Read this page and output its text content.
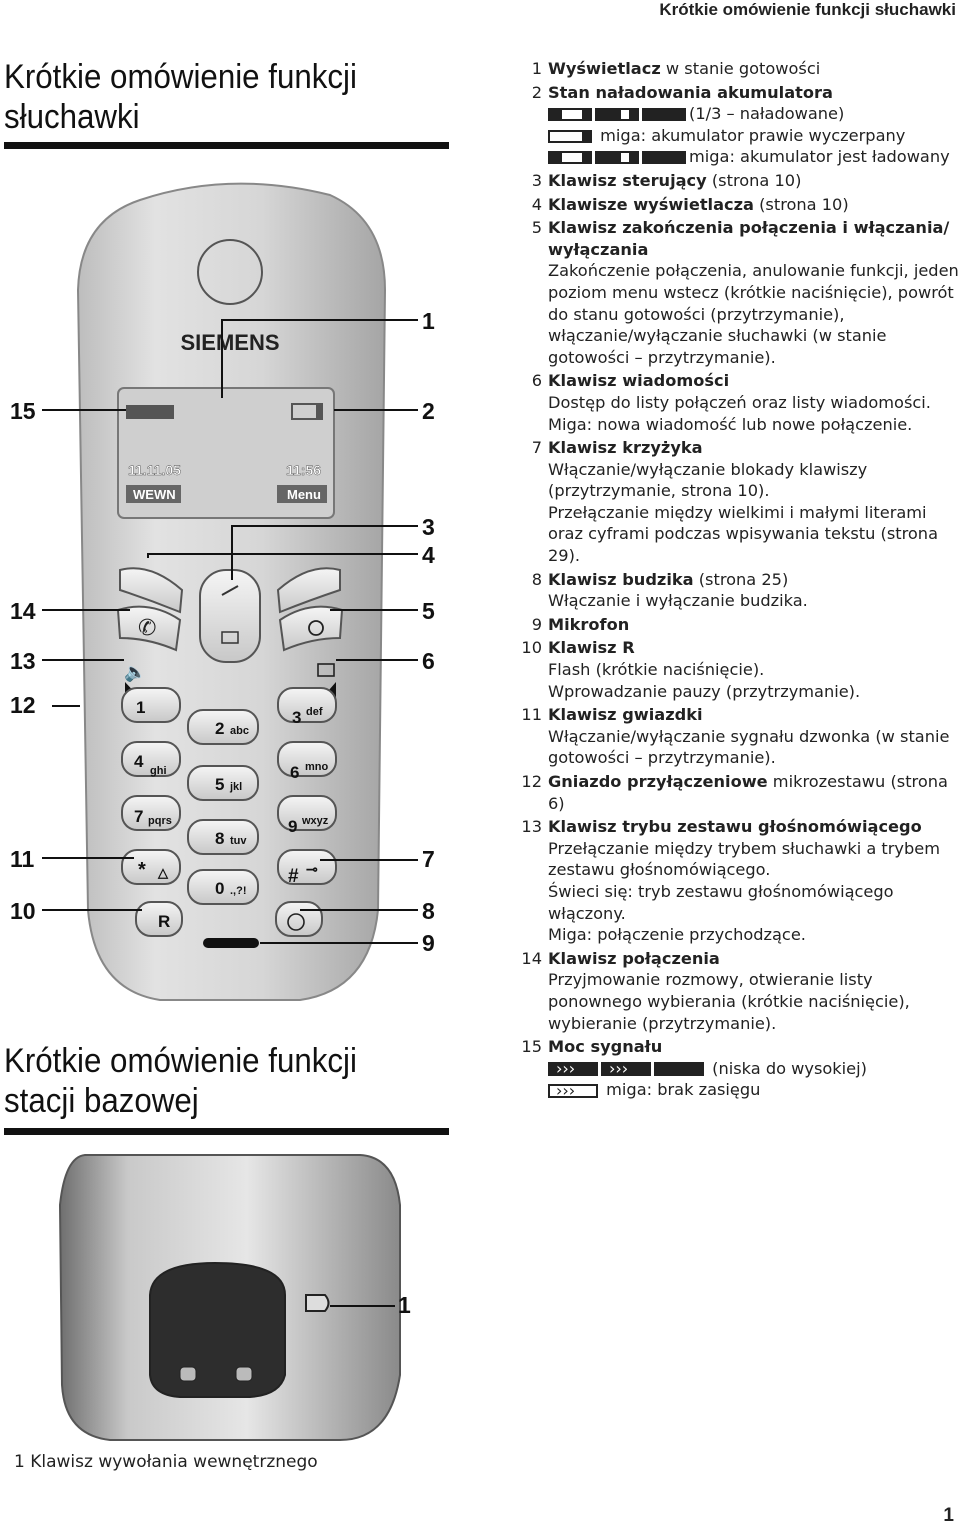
Krótkie omówienie funkcji słuchawki
Krótkie omówienie funkcji
słuchawki
Krótkie omówienie funkcji
stacji bazowej
SIEMENS
11.11.05	11:56
WEWN	Menu
✆
🔈
1
2 abc
3 def
4 ghi
5 jkl
6 mno
7 pqrs
8 tuv
9 wxyz
* △
0 .,?!
# ⊸
R
1
2
3
4
5
6
7
8
9
15
14
13
12
11
10
1 Wyświetlacz w stanie gotowości
2 Stan naładowania akumulatora
(1/3 – naładowane)
miga: akumulator prawie wyczerpany
miga: akumulator jest ładowany
3 Klawisz sterujący (strona 10)
4 Klawisze wyświetlacza (strona 10)
5 Klawisz zakończenia połączenia i włączania/ wyłączania
Zakończenie połączenia, anulowanie funkcji, jeden poziom menu wstecz (krótkie naciśnięcie), powrót do stanu gotowości (przytrzymanie), włączanie/wyłączanie słuchawki (w stanie gotowości – przytrzymanie).
6 Klawisz wiadomości
Dostęp do listy połączeń oraz listy wiadomości.
Miga: nowa wiadomość lub nowe połączenie.
7 Klawisz krzyżyka
Włączanie/wyłączanie blokady klawiszy (przytrzymanie, strona 10).
Przełączanie między wielkimi i małymi literami oraz cyframi podczas wpisywania tekstu (strona 29).
8 Klawisz budzika (strona 25)
Włączanie i wyłączanie budzika.
9 Mikrofon
10 Klawisz R
Flash (krótkie naciśnięcie).
Wprowadzanie pauzy (przytrzymanie).
11 Klawisz gwiazdki
Włączanie/wyłączanie sygnału dzwonka (w stanie gotowości – przytrzymanie).
12 Gniazdo przyłączeniowe mikrozestawu (strona 6)
13 Klawisz trybu zestawu głośnomówiącego
Przełączanie między trybem słuchawki a trybem zestawu głośnomówiącego.
Świeci się: tryb zestawu głośnomówiącego włączony.
Miga: połączenie przychodzące.
14 Klawisz połączenia
Przyjmowanie rozmowy, otwieranie listy ponownego wybierania (krótkie naciśnięcie), wybieranie (przytrzymanie).
15 Moc sygnału
›››››› (niska do wysokiej)
››› miga: brak zasięgu
1
1 Klawisz wywołania wewnętrznego
1
